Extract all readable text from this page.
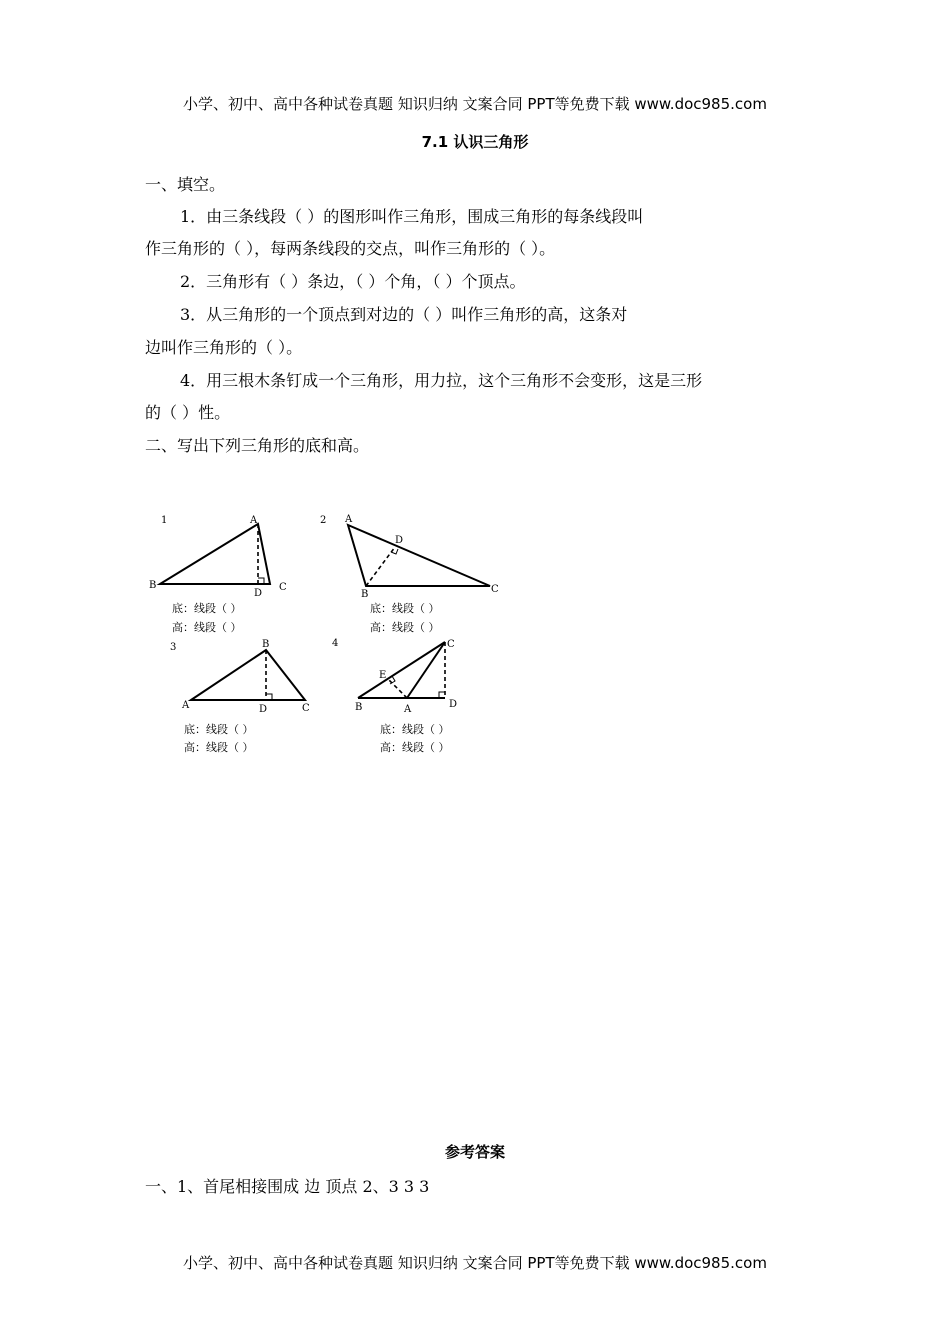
小学、初中、高中各种试卷真题 知识归纳 文案合同 PPT等免费下载 www.doc985.com
7.1 认识三角形
一、填空。
1．由三条线段（ ）的图形叫作三角形，围成三角形的每条线段叫
作三角形的（ ），每两条线段的交点，叫作三角形的（ ）。
2．三角形有（ ）条边，（ ）个角，（ ）个顶点。
3．从三角形的一个顶点到对边的（ ）叫作三角形的高，这条对
边叫作三角形的（ ）。
4．用三根木条钉成一个三角形，用力拉，这个三角形不会变形，这是三形
的（ ）性。
二、写出下列三角形的底和高。
1	A
B	C
D
2 A
B	C
D
3	B
A	C
D
4	C
B	A	D
E
底：线段（ ）
高：线段（ ）
底：线段（ ）
高：线段（ ）
底：线段（ ）
高：线段（ ）
底：线段（ ）
高：线段（ ）
参考答案
一、1、首尾相接围成 边 顶点 2、3 3 3
小学、初中、高中各种试卷真题 知识归纳 文案合同 PPT等免费下载 www.doc985.com
